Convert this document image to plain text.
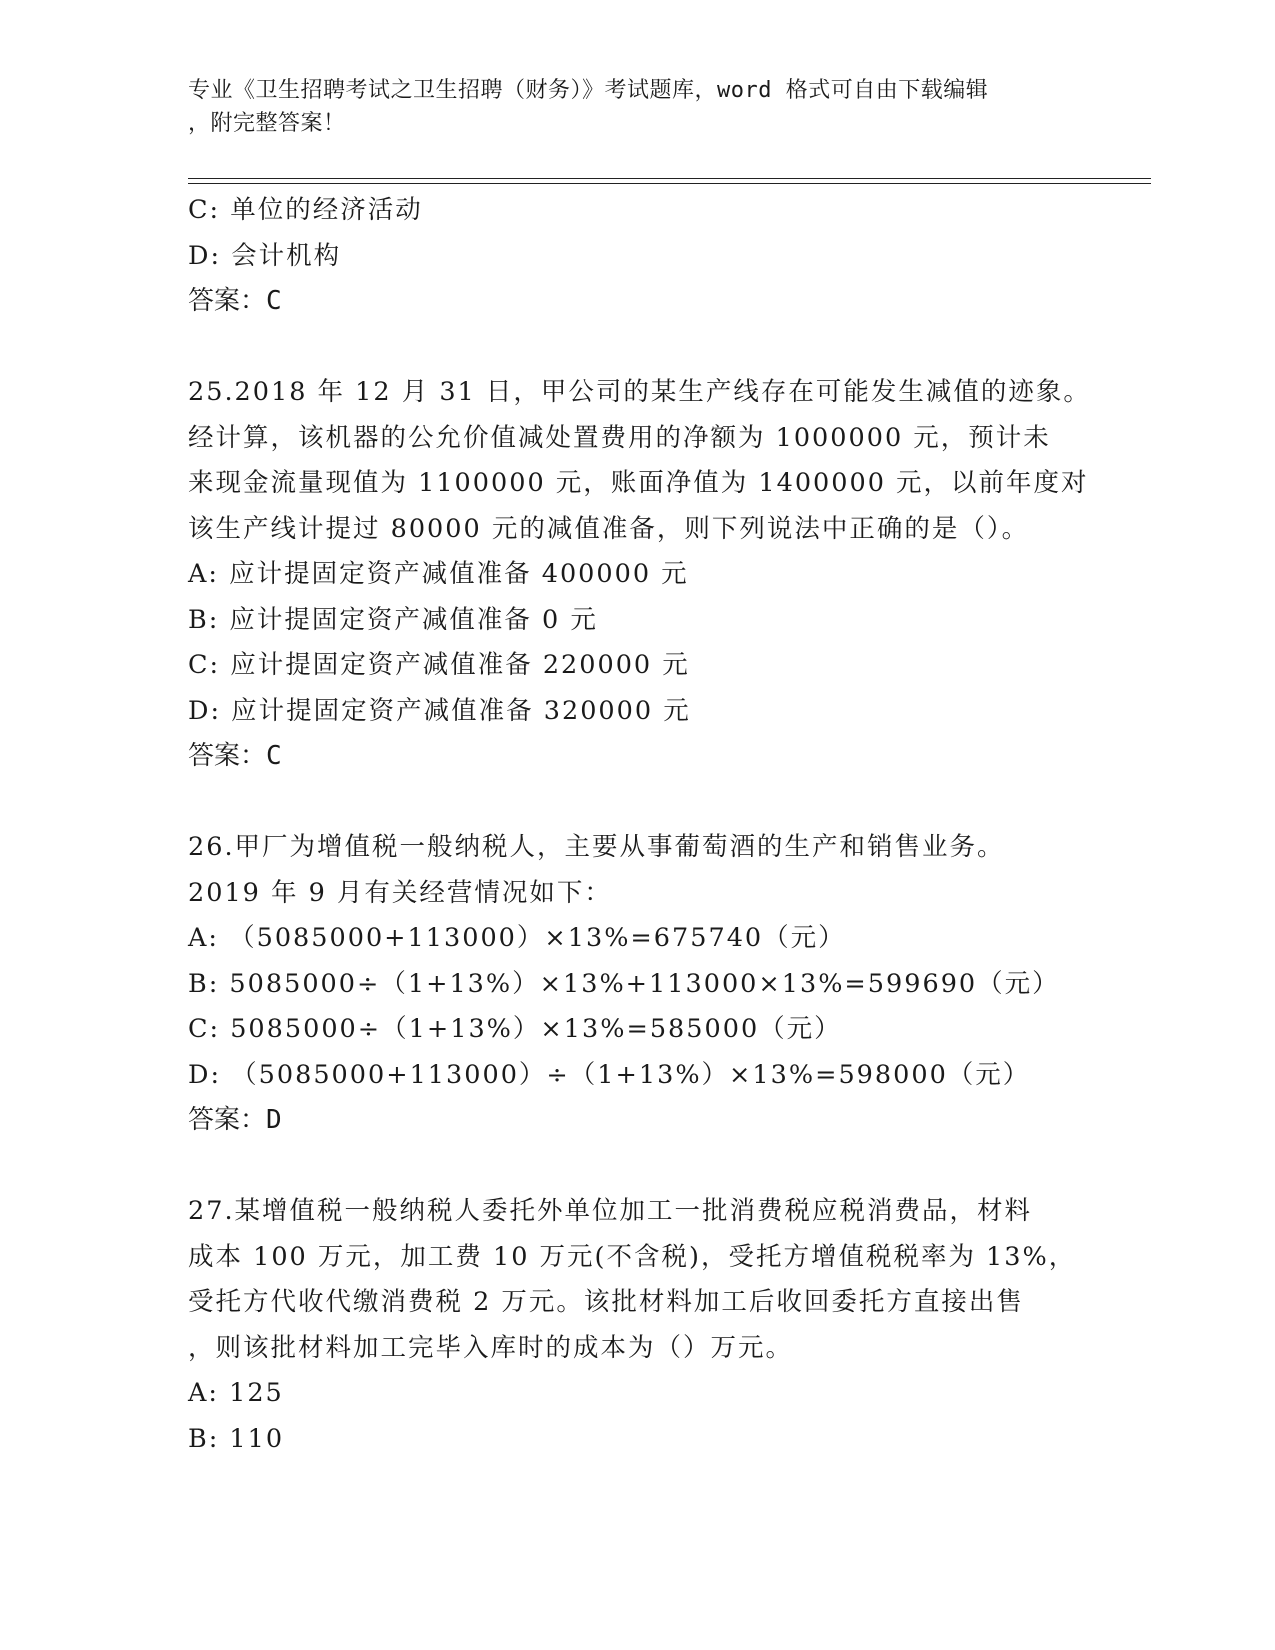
专业《卫生招聘考试之卫生招聘（财务）》考试题库，word 格式可自由下载编辑
，附完整答案！
C: 单位的经济活动
D: 会计机构
答案：C
25.2018 年 12 月 31 日，甲公司的某生产线存在可能发生减值的迹象。
经计算，该机器的公允价值减处置费用的净额为 1000000 元，预计未
来现金流量现值为 1100000 元，账面净值为 1400000 元，以前年度对
该生产线计提过 80000 元的减值准备，则下列说法中正确的是（）。
A: 应计提固定资产减值准备 400000 元
B: 应计提固定资产减值准备 0 元
C: 应计提固定资产减值准备 220000 元
D: 应计提固定资产减值准备 320000 元
答案：C
26.甲厂为增值税一般纳税人，主要从事葡萄酒的生产和销售业务。
2019 年 9 月有关经营情况如下：
A: （5085000+113000）×13%=675740（元）
B: 5085000÷（1+13%）×13%+113000×13%=599690（元）
C: 5085000÷（1+13%）×13%=585000（元）
D: （5085000+113000）÷（1+13%）×13%=598000（元）
答案：D
27.某增值税一般纳税人委托外单位加工一批消费税应税消费品，材料
成本 100 万元，加工费 10 万元(不含税)，受托方增值税税率为 13%，
受托方代收代缴消费税 2 万元。该批材料加工后收回委托方直接出售
，则该批材料加工完毕入库时的成本为（）万元。
A: 125
B: 110
